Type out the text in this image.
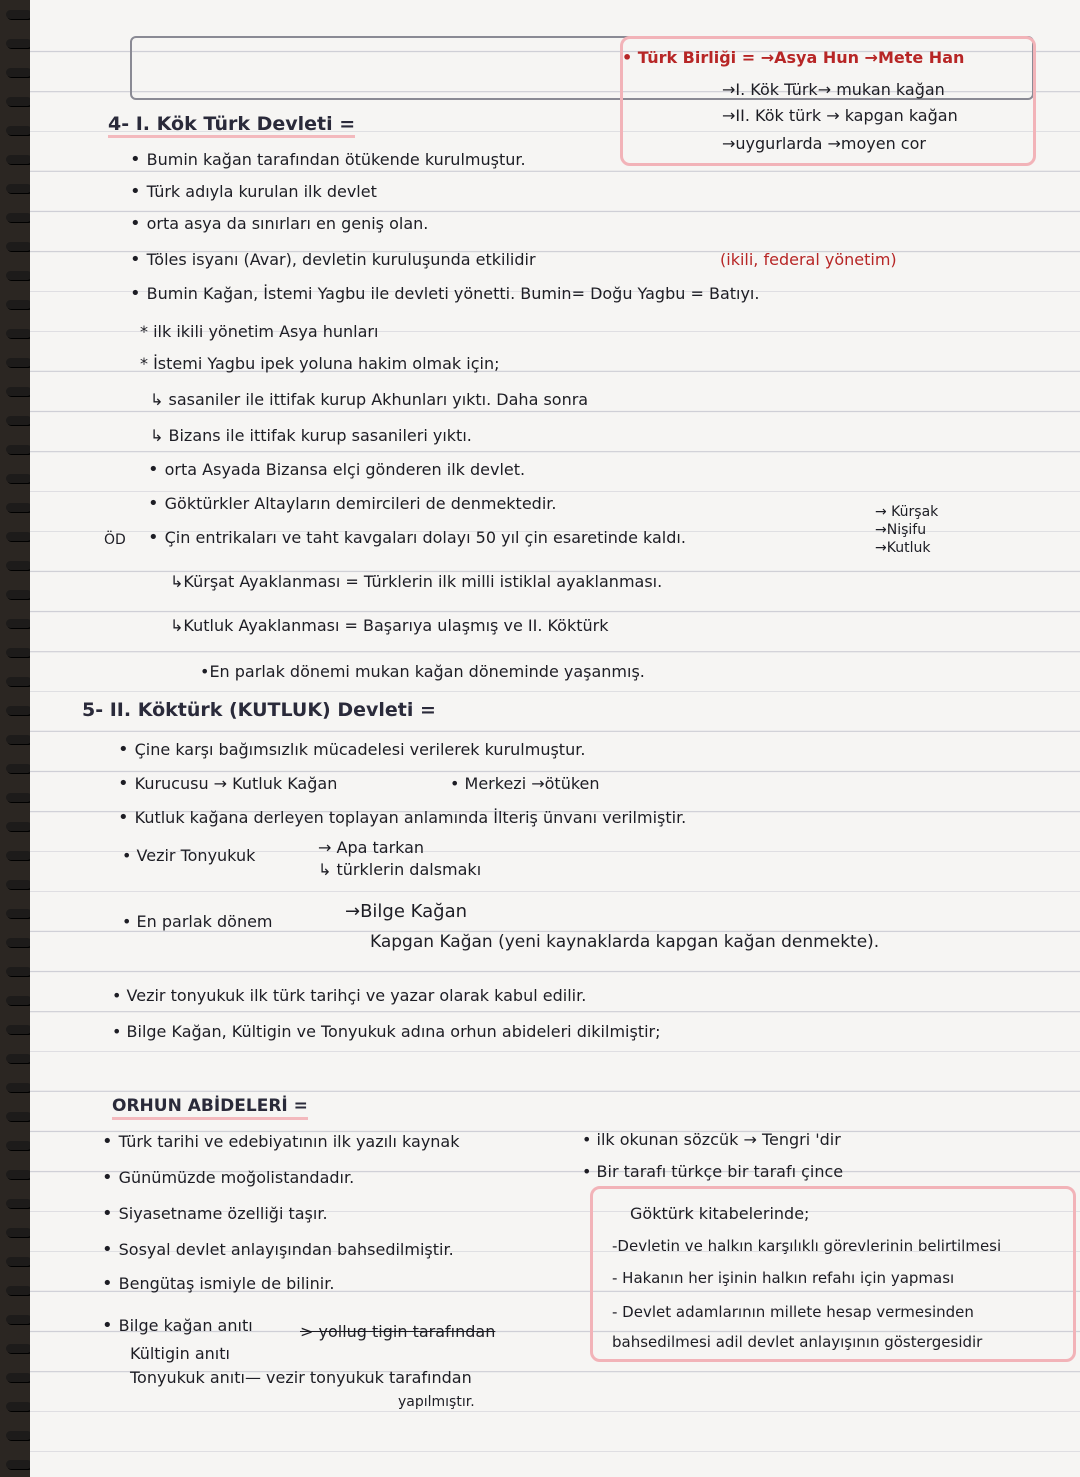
• Türk Birliği = →Asya Hun →Mete Han
→I. Kök Türk→ mukan kağan
→II. Kök türk → kapgan kağan
→uygurlarda →moyen cor
4- I. Kök Türk Devleti =
• Bumin kağan tarafından ötükende kurulmuştur.
• Türk adıyla kurulan ilk devlet
• orta asya da sınırları en geniş olan.
• Töles isyanı (Avar), devletin kuruluşunda etkilidir	(ikili, federal yönetim)
• Bumin Kağan, İstemi Yagbu ile devleti yönetti. Bumin= Doğu Yagbu = Batıyı.
* ilk ikili yönetim Asya hunları
* İstemi Yagbu ipek yoluna hakim olmak için;
↳ sasaniler ile ittifak kurup Akhunları yıktı. Daha sonra
↳ Bizans ile ittifak kurup sasanileri yıktı.
• orta Asyada Bizansa elçi gönderen ilk devlet.
• Göktürkler Altayların demircileri de denmektedir.
• Çin entrikaları ve taht kavgaları dolayı 50 yıl çin esaretinde kaldı.
→ Kürşak
→Nişifu
→Kutluk
ÖD
↳Kürşat Ayaklanması = Türklerin ilk milli istiklal ayaklanması.
↳Kutluk Ayaklanması = Başarıya ulaşmış ve II. Köktürk
•En parlak dönemi mukan kağan döneminde yaşanmış.
5- II. Köktürk (KUTLUK) Devleti =
• Çine karşı bağımsızlık mücadelesi verilerek kurulmuştur.
• Kurucusu → Kutluk Kağan	• Merkezi →ötüken
• Kutluk kağana derleyen toplayan anlamında İlteriş ünvanı verilmiştir.
• Vezir Tonyukuk	→ Apa tarkan
↳ türklerin dalsmakı
• En parlak dönem	→Bilge Kağan
Kapgan Kağan (yeni kaynaklarda kapgan kağan denmekte).
• Vezir tonyukuk ilk türk tarihçi ve yazar olarak kabul edilir.
• Bilge Kağan, Kültigin ve Tonyukuk adına orhun abideleri dikilmiştir;
ORHUN ABİDELERİ =
• Türk tarihi ve edebiyatının ilk yazılı kaynak
• Günümüzde moğolistandadır.
• Siyasetname özelliği taşır.
• Sosyal devlet anlayışından bahsedilmiştir.
• Bengütaş ismiyle de bilinir.
• Bilge kağan anıtı	> yollug tigin tarafından
Kültigin anıtı
Tonyukuk anıtı— vezir tonyukuk tarafından
yapılmıştır.
• ilk okunan sözcük → Tengri 'dir
• Bir tarafı türkçe bir tarafı çince
Göktürk kitabelerinde;
-Devletin ve halkın karşılıklı görevlerinin belirtilmesi
- Hakanın her işinin halkın refahı için yapması
- Devlet adamlarının millete hesap vermesinden
bahsedilmesi adil devlet anlayışının göstergesidir
